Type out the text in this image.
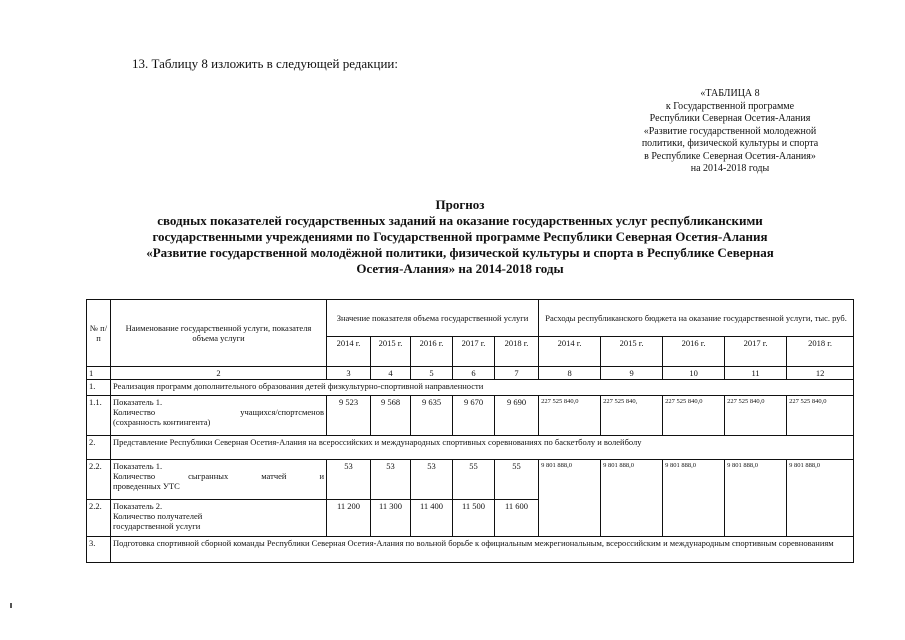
13. Таблицу 8 изложить в следующей редакции:
«ТАБЛИЦА 8
к Государственной программе
Республики Северная Осетия-Алания
«Развитие государственной молодежной
политики, физической культуры и спорта
в Республике Северная Осетия-Алания»
на 2014-2018 годы
Прогноз
сводных показателей государственных заданий на оказание государственных услуг республиканскими
государственными учреждениями по Государственной программе Республики Северная Осетия-Алания
«Развитие государственной молодёжной политики, физической культуры и спорта в Республике Северная
Осетия-Алания» на 2014-2018 годы
№ п/п	Наименование государственной услуги, показателя объема услуги	Значение показателя объема государственной услуги					Расходы республиканского бюджета на оказание государственной услуги, тыс. руб.				
		2014 г.	2015 г.	2016 г.	2017 г.	2018 г.	2014 г.	2015 г.	2016 г.	2017 г.	2018 г.
1	2	3	4	5	6	7	8	9	10	11	12
1.	Реализация программ дополнительного образования детей физкультурно-спортивной направленности										
1.1.	Показатель 1.
Количество учащихся/спортсменов
(сохранность контингента)	9 523	9 568	9 635	9 670	9 690	227 525 840,0	227 525 840,	227 525 840,0	227 525 840,0	227 525 840,0
2.	Представление Республики Северная Осетия-Алания на всероссийских и международных спортивных соревнованиях по баскетболу и волейболу										
2.2.	Показатель 1.
Количество сыгранных матчей и
проведенных УТС	53	53	53	55	55	9 801 888,0	9 801 888,0	9 801 888,0	9 801 888,0	9 801 888,0
2.2.	Показатель 2.
Количество получателей
государственной услуги	11 200	11 300	11 400	11 500	11 600					
3.	Подготовка спортивной сборной команды Республики Северная Осетия-Алания по вольной борьбе к официальным межрегиональным, всероссийским и международным спортивным соревнованиям										
